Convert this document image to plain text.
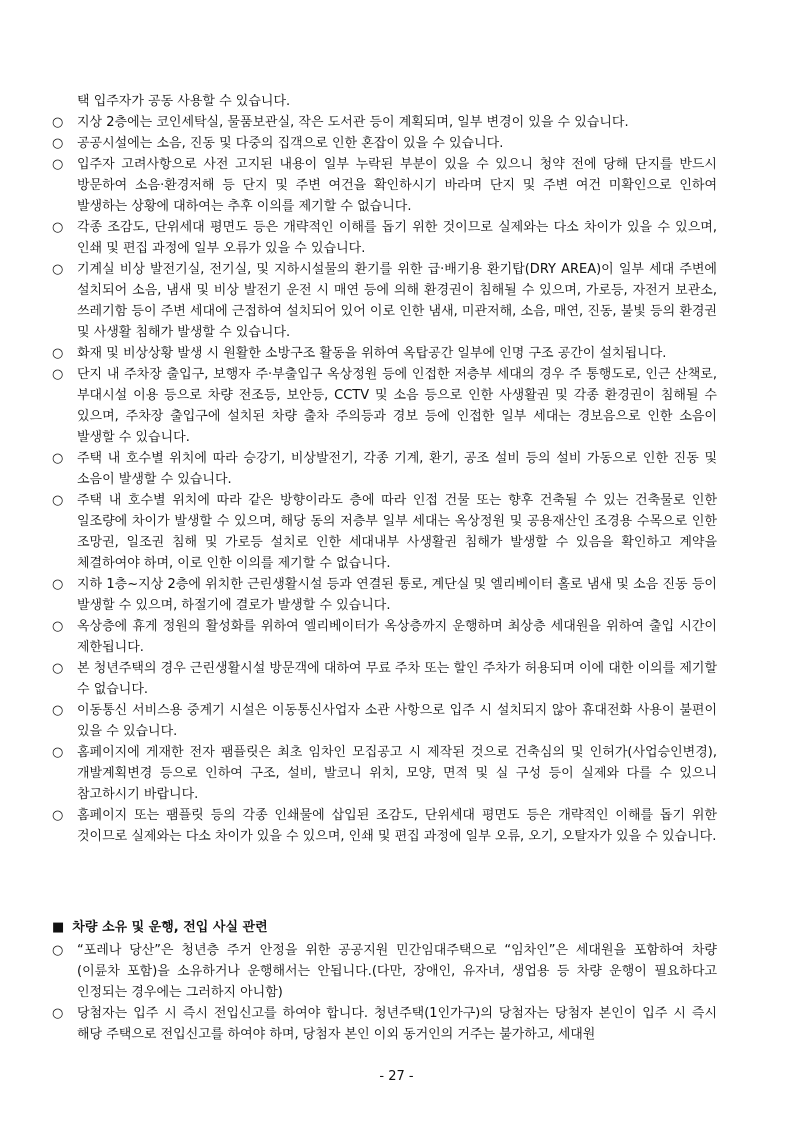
택 입주자가 공동 사용할 수 있습니다.
○	지상 2층에는 코인세탁실, 물품보관실, 작은 도서관 등이 계획되며, 일부 변경이 있을 수 있습니다.
○	공공시설에는 소음, 진동 및 다중의 집객으로 인한 혼잡이 있을 수 있습니다.
○	입주자 고려사항으로 사전 고지된 내용이 일부 누락된 부분이 있을 수 있으니 청약 전에 당해 단지를 반드시 방문하여 소음·환경저해 등 단지 및 주변 여건을 확인하시기 바라며 단지 및 주변 여건 미확인으로 인하여 발생하는 상황에 대하여는 추후 이의를 제기할 수 없습니다.
○	각종 조감도, 단위세대 평면도 등은 개략적인 이해를 돕기 위한 것이므로 실제와는 다소 차이가 있을 수 있으며, 인쇄 및 편집 과정에 일부 오류가 있을 수 있습니다.
○	기계실 비상 발전기실, 전기실, 및 지하시설물의 환기를 위한 급·배기용 환기탑(DRY AREA)이 일부 세대 주변에 설치되어 소음, 냄새 및 비상 발전기 운전 시 매연 등에 의해 환경권이 침해될 수 있으며, 가로등, 자전거 보관소, 쓰레기함 등이 주변 세대에 근접하여 설치되어 있어 이로 인한 냄새, 미관저해, 소음, 매연, 진동, 불빛 등의 환경권 및 사생활 침해가 발생할 수 있습니다.
○	화재 및 비상상황 발생 시 원활한 소방구조 활동을 위하여 옥탑공간 일부에 인명 구조 공간이 설치됩니다.
○	단지 내 주차장 출입구, 보행자 주·부출입구 옥상정원 등에 인접한 저층부 세대의 경우 주 통행도로, 인근 산책로, 부대시설 이용 등으로 차량 전조등, 보안등, CCTV 및 소음 등으로 인한 사생활권 및 각종 환경권이 침해될 수 있으며, 주차장 출입구에 설치된 차량 출차 주의등과 경보 등에 인접한 일부 세대는 경보음으로 인한 소음이 발생할 수 있습니다.
○	주택 내 호수별 위치에 따라 승강기, 비상발전기, 각종 기계, 환기, 공조 설비 등의 설비 가동으로 인한 진동 및 소음이 발생할 수 있습니다.
○	주택 내 호수별 위치에 따라 같은 방향이라도 층에 따라 인접 건물 또는 향후 건축될 수 있는 건축물로 인한 일조량에 차이가 발생할 수 있으며, 해당 동의 저층부 일부 세대는 옥상정원 및 공용재산인 조경용 수목으로 인한 조망권, 일조권 침해 및 가로등 설치로 인한 세대내부 사생활권 침해가 발생할 수 있음을 확인하고 계약을 체결하여야 하며, 이로 인한 이의를 제기할 수 없습니다.
○	지하 1층~지상 2층에 위치한 근린생활시설 등과 연결된 통로, 계단실 및 엘리베이터 홀로 냄새 및 소음 진동 등이 발생할 수 있으며, 하절기에 결로가 발생할 수 있습니다.
○	옥상층에 휴게 정원의 활성화를 위하여 엘리베이터가 옥상층까지 운행하며 최상층 세대원을 위하여 출입 시간이 제한됩니다.
○	본 청년주택의 경우 근린생활시설 방문객에 대하여 무료 주차 또는 할인 주차가 허용되며 이에 대한 이의를 제기할 수 없습니다.
○	이동통신 서비스용 중계기 시설은 이동통신사업자 소관 사항으로 입주 시 설치되지 않아 휴대전화 사용이 불편이 있을 수 있습니다.
○	홈페이지에 게재한 전자 팸플릿은 최초 임차인 모집공고 시 제작된 것으로 건축심의 및 인허가(사업승인변경), 개발계획변경 등으로 인하여 구조, 설비, 발코니 위치, 모양, 면적 및 실 구성 등이 실제와 다를 수 있으니 참고하시기 바랍니다.
○	홈페이지 또는 팸플릿 등의 각종 인쇄물에 삽입된 조감도, 단위세대 평면도 등은 개략적인 이해를 돕기 위한 것이므로 실제와는 다소 차이가 있을 수 있으며, 인쇄 및 편집 과정에 일부 오류, 오기, 오탈자가 있을 수 있습니다.
■ 차량 소유 및 운행, 전입 사실 관련
○	“포레나 당산”은 청년층 주거 안정을 위한 공공지원 민간임대주택으로 “임차인”은 세대원을 포함하여 차량(이륜차 포함)을 소유하거나 운행해서는 안됩니다.(다만, 장애인, 유자녀, 생업용 등 차량 운행이 필요하다고 인정되는 경우에는 그러하지 아니함)
○	당첨자는 입주 시 즉시 전입신고를 하여야 합니다. 청년주택(1인가구)의 당첨자는 당첨자 본인이 입주 시 즉시 해당 주택으로 전입신고를 하여야 하며, 당첨자 본인 이외 동거인의 거주는 불가하고, 세대원
- 27 -
